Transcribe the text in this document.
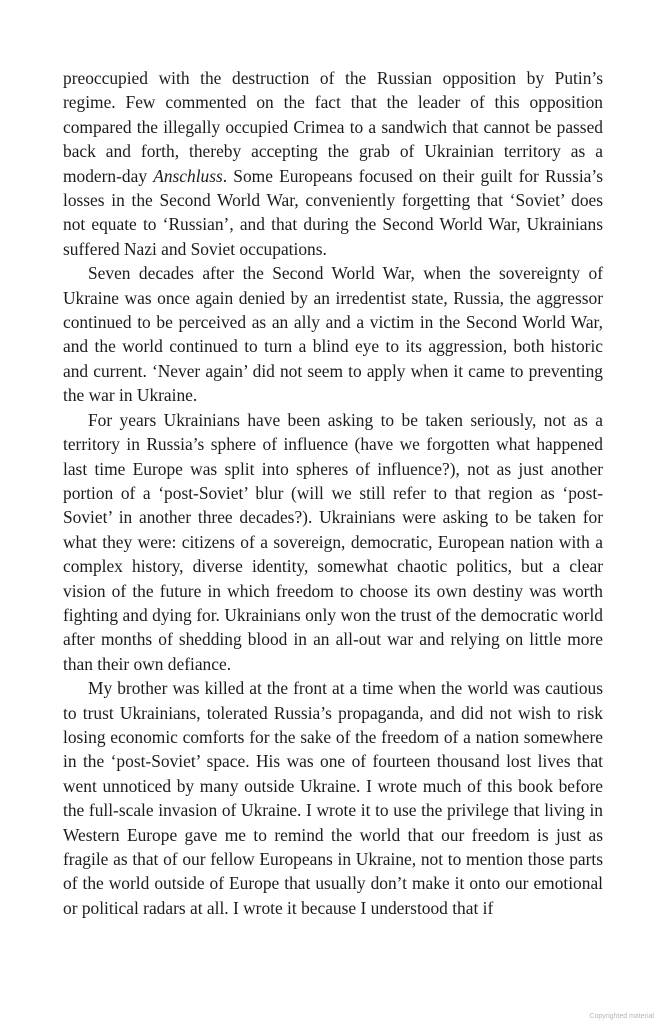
preoccupied with the destruction of the Russian opposition by Putin’s regime. Few commented on the fact that the leader of this opposition compared the illegally occupied Crimea to a sandwich that cannot be passed back and forth, thereby accepting the grab of Ukrainian territory as a modern-day Anschluss. Some Europeans focused on their guilt for Russia’s losses in the Second World War, conveniently forgetting that ‘Soviet’ does not equate to ‘Russian’, and that during the Second World War, Ukrainians suffered Nazi and Soviet occupations.

Seven decades after the Second World War, when the sovereignty of Ukraine was once again denied by an irredentist state, Russia, the aggressor continued to be perceived as an ally and a victim in the Second World War, and the world continued to turn a blind eye to its aggression, both historic and current. ‘Never again’ did not seem to apply when it came to preventing the war in Ukraine.

For years Ukrainians have been asking to be taken seriously, not as a territory in Russia’s sphere of influence (have we forgotten what happened last time Europe was split into spheres of influence?), not as just another portion of a ‘post-Soviet’ blur (will we still refer to that region as ‘post-Soviet’ in another three decades?). Ukrainians were asking to be taken for what they were: citizens of a sovereign, democratic, European nation with a complex history, diverse identity, somewhat chaotic politics, but a clear vision of the future in which freedom to choose its own destiny was worth fighting and dying for. Ukrainians only won the trust of the democratic world after months of shedding blood in an all-out war and relying on little more than their own defiance.

My brother was killed at the front at a time when the world was cautious to trust Ukrainians, tolerated Russia’s propaganda, and did not wish to risk losing economic comforts for the sake of the freedom of a nation somewhere in the ‘post-Soviet’ space. His was one of fourteen thousand lost lives that went unnoticed by many outside Ukraine. I wrote much of this book before the full-scale invasion of Ukraine. I wrote it to use the privilege that living in Western Europe gave me to remind the world that our freedom is just as fragile as that of our fellow Europeans in Ukraine, not to mention those parts of the world outside of Europe that usually don’t make it onto our emotional or political radars at all. I wrote it because I understood that if

Copyrighted material
